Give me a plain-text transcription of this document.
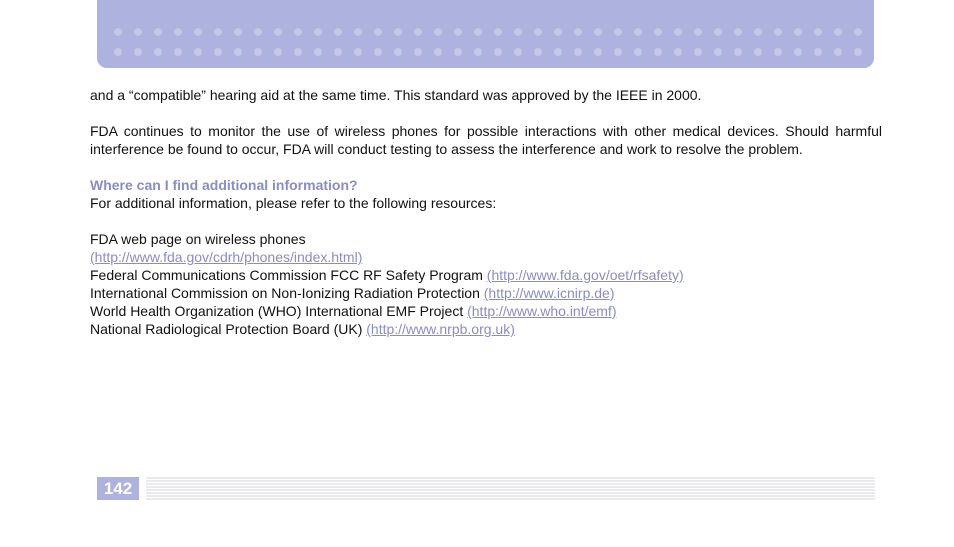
and a “compatible” hearing aid at the same time. This standard was approved by the IEEE in 2000.

FDA continues to monitor the use of wireless phones for possible interactions with other medical devices. Should harmful interference be found to occur, FDA will conduct testing to assess the interference and work to resolve the problem.

Where can I find additional information?

For additional information, please refer to the following resources:

FDA web page on wireless phones

(http://www.fda.gov/cdrh/phones/index.html)

Federal Communications Commission FCC RF Safety Program (http://www.fda.gov/oet/rfsafety)

International Commission on Non-Ionizing Radiation Protection (http://www.icnirp.de)

World Health Organization (WHO) International EMF Project (http://www.who.int/emf)

National Radiological Protection Board (UK) (http://www.nrpb.org.uk)

142
